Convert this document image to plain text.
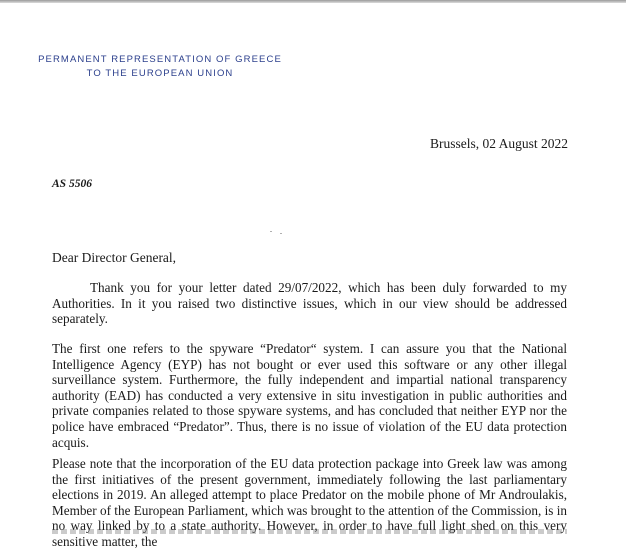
PERMANENT REPRESENTATION OF GREECE
TO THE EUROPEAN UNION
Brussels, 02 August 2022
AS 5506
Dear Director General,

Thank you for your letter dated 29/07/2022, which has been duly forwarded to my Authorities. In it you raised two distinctive issues, which in our view should be addressed separately.

The first one refers to the spyware “Predator“ system. I can assure you that the National Intelligence Agency (EYP) has not bought or ever used this software or any other illegal surveillance system. Furthermore, the fully independent and impartial national transparency authority (EAD) has conducted a very extensive in situ investigation in public authorities and private companies related to those spyware systems, and has concluded that neither EYP nor the police have embraced “Predator”. Thus, there is no issue of violation of the EU data protection acquis.

Please note that the incorporation of the EU data protection package into Greek law was among the first initiatives of the present government, immediately following the last parliamentary elections in 2019. An alleged attempt to place Predator on the mobile phone of Mr Androulakis, Member of the European Parliament, which was brought to the attention of the Commission, is in no way linked by to a state authority. However, in order to have full light shed on this very sensitive matter, the
